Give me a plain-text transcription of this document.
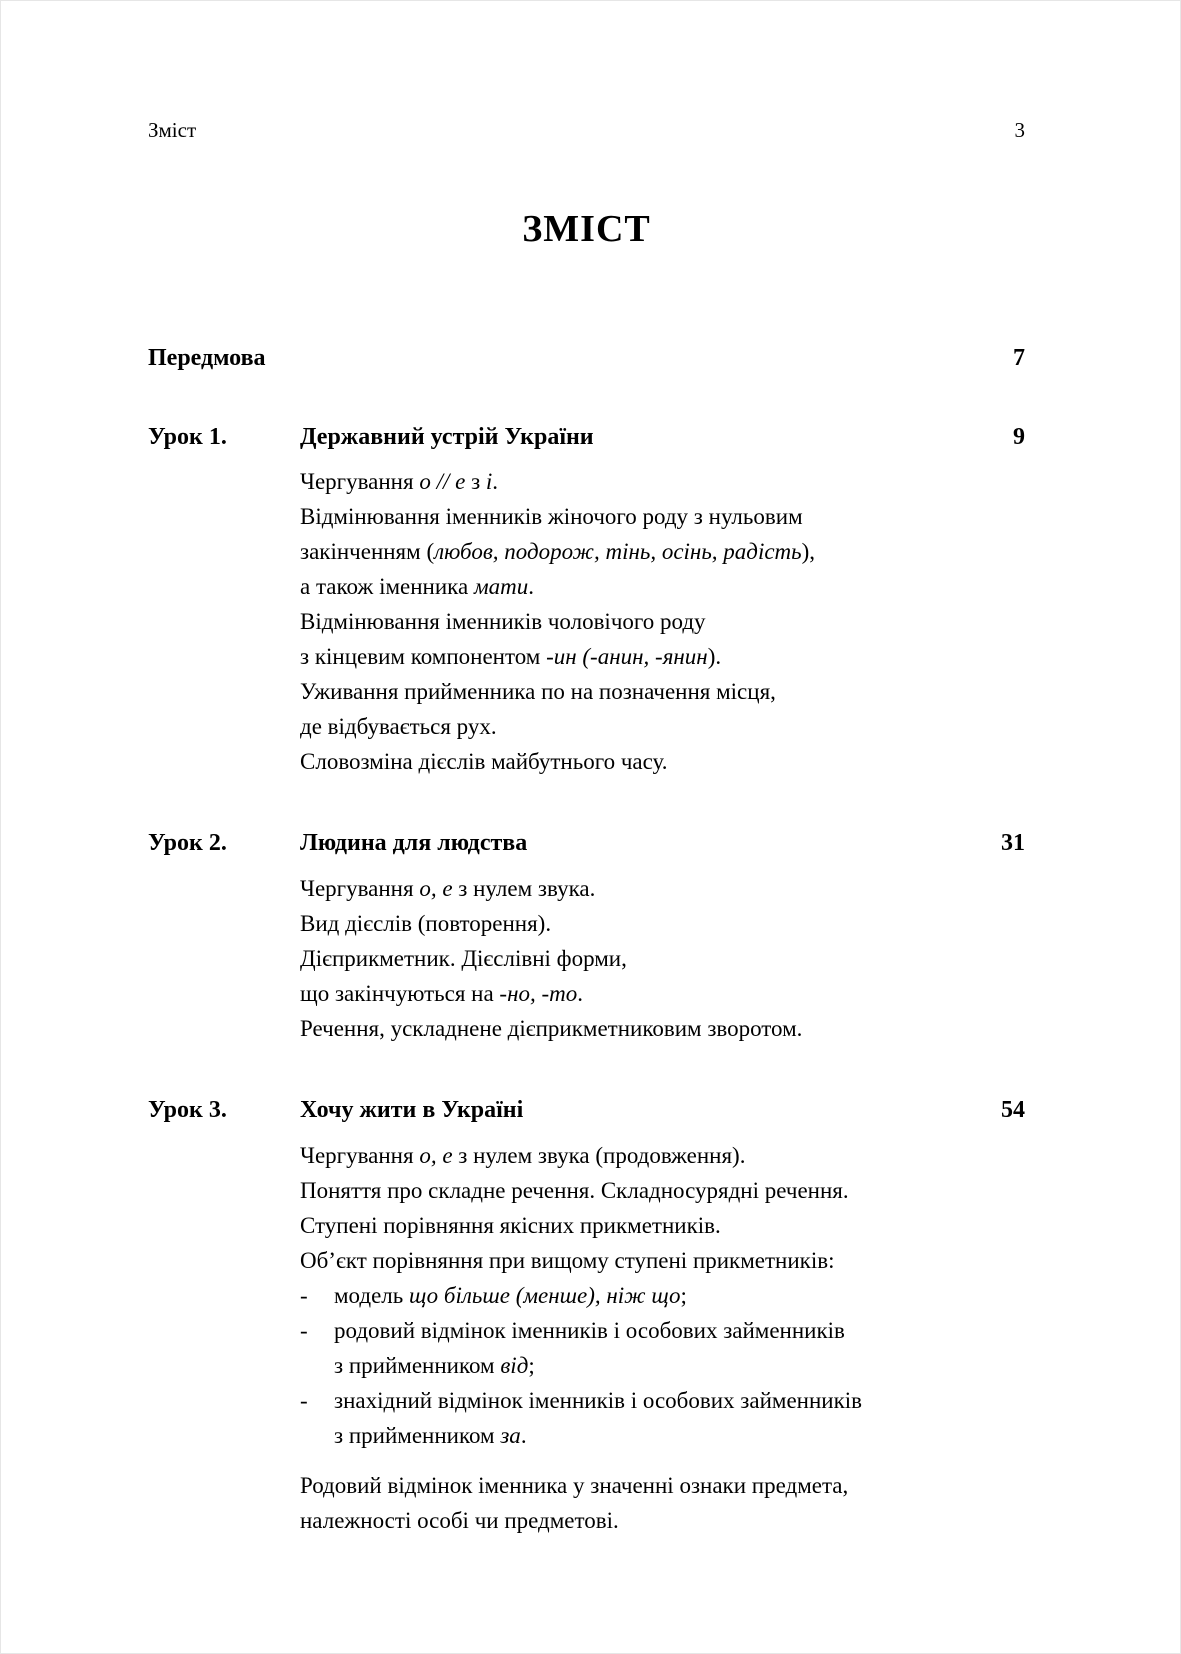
Зміст	3
ЗМІСТ
Передмова	7
Урок 1.	Державний устрій України	9
Чергування о // е з і.
Відмінювання іменників жіночого роду з нульовим
закінченням (любов, подорож, тінь, осінь, радість),
а також іменника мати.
Відмінювання іменників чоловічого роду
з кінцевим компонентом -ин (-анин, -янин).
Уживання прийменника по на позначення місця,
де відбувається рух.
Словозміна дієслів майбутнього часу.
Урок 2.	Людина для людства	31
Чергування о, е з нулем звука.
Вид дієслів (повторення).
Дієприкметник. Дієслівні форми,
що закінчуються на -но, -то.
Речення, ускладнене дієприкметниковим зворотом.
Урок 3.	Хочу жити в Україні	54
Чергування о, е з нулем звука (продовження).
Поняття про складне речення. Складносурядні речення.
Ступені порівняння якісних прикметників.
Об’єкт порівняння при вищому ступені прикметників:
-	модель що більше (менше), ніж що;
-	родовий відмінок іменників і особових займенників
з прийменником від;
-	знахідний відмінок іменників і особових займенників
з прийменником за.
Родовий відмінок іменника у значенні ознаки предмета,
належності особі чи предметові.
